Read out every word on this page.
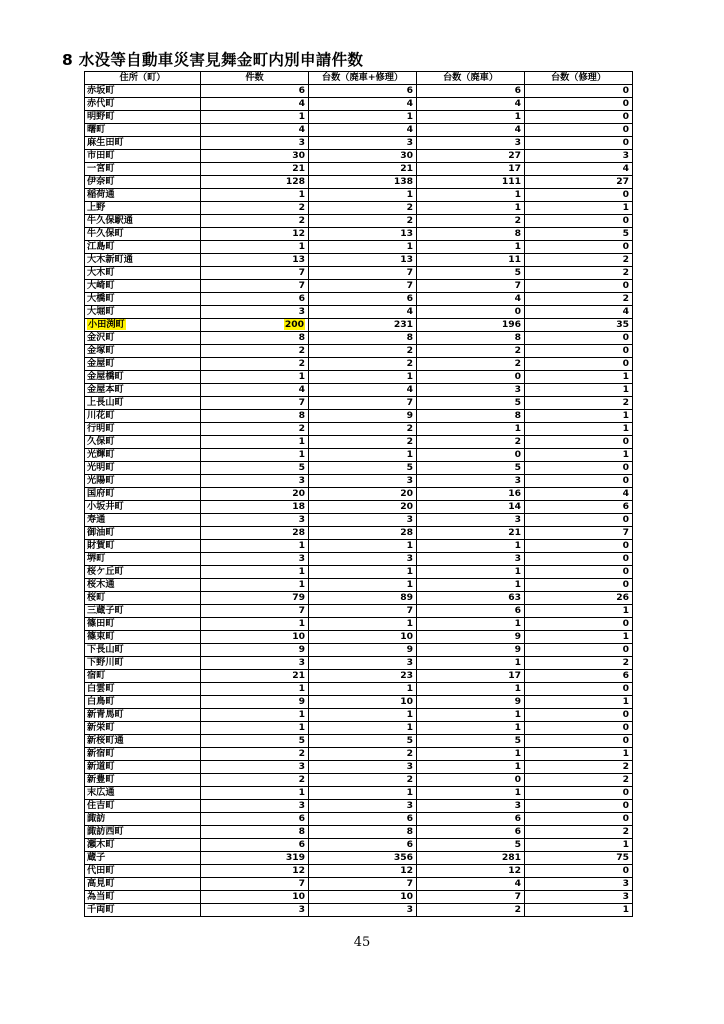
8 水没等自動車災害見舞金町内別申請件数
住所（町）	件数	台数（廃車+修理）	台数（廃車）	台数（修理）
赤坂町	6	6	6	0
赤代町	4	4	4	0
明野町	1	1	1	0
曙町	4	4	4	0
麻生田町	3	3	3	0
市田町	30	30	27	3
一宮町	21	21	17	4
伊奈町	128	138	111	27
稲荷通	1	1	1	0
上野	2	2	1	1
牛久保駅通	2	2	2	0
牛久保町	12	13	8	5
江島町	1	1	1	0
大木新町通	13	13	11	2
大木町	7	7	5	2
大崎町	7	7	7	0
大橋町	6	6	4	2
大堀町	3	4	0	4
小田渕町	200	231	196	35
金沢町	8	8	8	0
金塚町	2	2	2	0
金屋町	2	2	2	0
金屋橋町	1	1	0	1
金屋本町	4	4	3	1
上長山町	7	7	5	2
川花町	8	9	8	1
行明町	2	2	1	1
久保町	1	2	2	0
光輝町	1	1	0	1
光明町	5	5	5	0
光陽町	3	3	3	0
国府町	20	20	16	4
小坂井町	18	20	14	6
寿通	3	3	3	0
御油町	28	28	21	7
財賀町	1	1	1	0
堺町	3	3	3	0
桜ケ丘町	1	1	1	0
桜木通	1	1	1	0
桜町	79	89	63	26
三蔵子町	7	7	6	1
篠田町	1	1	1	0
篠束町	10	10	9	1
下長山町	9	9	9	0
下野川町	3	3	1	2
宿町	21	23	17	6
白雲町	1	1	1	0
白鳥町	9	10	9	1
新青馬町	1	1	1	0
新栄町	1	1	1	0
新桜町通	5	5	5	0
新宿町	2	2	1	1
新道町	3	3	1	2
新豊町	2	2	0	2
末広通	1	1	1	0
住吉町	3	3	3	0
諏訪	6	6	6	0
諏訪西町	8	8	6	2
瀬木町	6	6	5	1
蔵子	319	356	281	75
代田町	12	12	12	0
高見町	7	7	4	3
為当町	10	10	7	3
千両町	3	3	2	1
45
